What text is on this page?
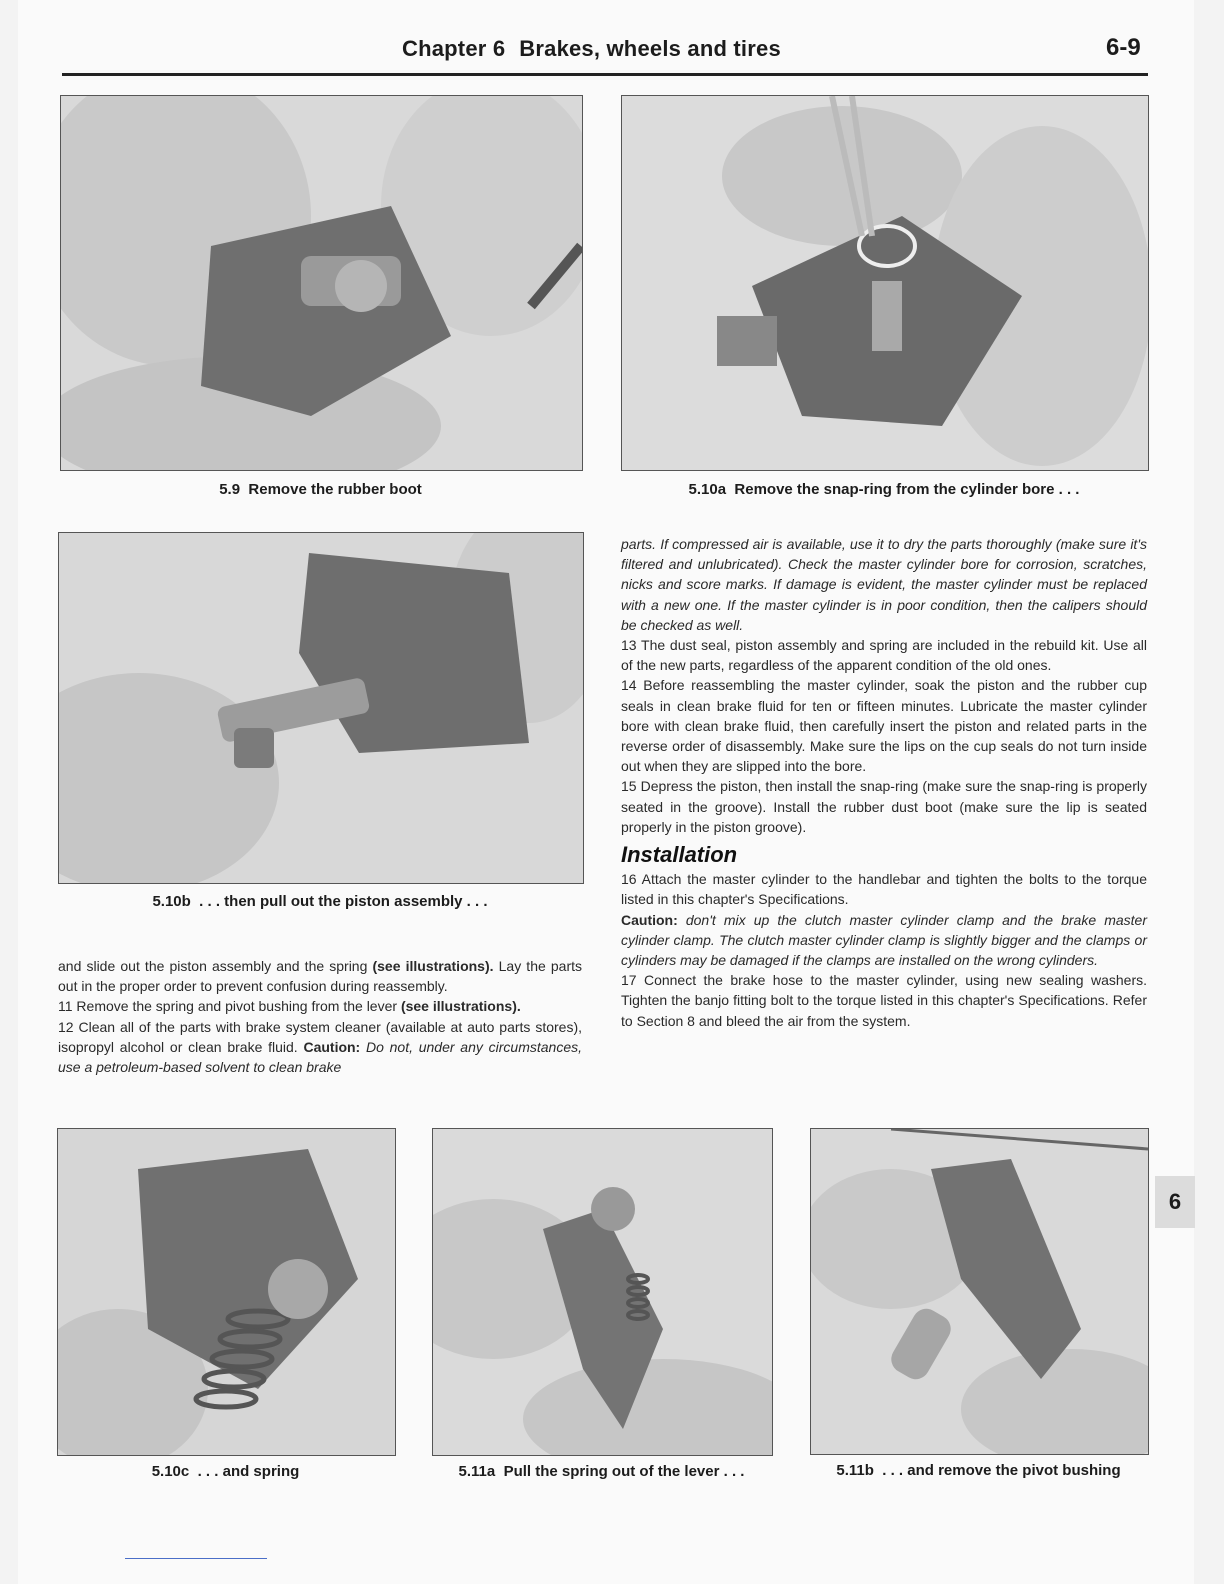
Chapter 6 Brakes, wheels and tires	6-9
5.9 Remove the rubber boot	5.10a Remove the snap-ring from the cylinder bore . . .
5.10b . . . then pull out the piston assembly . . .

and slide out the piston assembly and the spring (see illustrations). Lay the parts out in the proper order to prevent confusion during reassembly.

11 Remove the spring and pivot bushing from the lever (see illustrations).

12 Clean all of the parts with brake system cleaner (available at auto parts stores), isopropyl alcohol or clean brake fluid. Caution: Do not, under any circumstances, use a petroleum-based solvent to clean brake

parts. If compressed air is available, use it to dry the parts thoroughly (make sure it's filtered and unlubricated). Check the master cylinder bore for corrosion, scratches, nicks and score marks. If damage is evident, the master cylinder must be replaced with a new one. If the master cylinder is in poor condition, then the calipers should be checked as well.

13 The dust seal, piston assembly and spring are included in the rebuild kit. Use all of the new parts, regardless of the apparent condition of the old ones.

14 Before reassembling the master cylinder, soak the piston and the rubber cup seals in clean brake fluid for ten or fifteen minutes. Lubricate the master cylinder bore with clean brake fluid, then carefully insert the piston and related parts in the reverse order of disassembly. Make sure the lips on the cup seals do not turn inside out when they are slipped into the bore.

15 Depress the piston, then install the snap-ring (make sure the snap-ring is properly seated in the groove). Install the rubber dust boot (make sure the lip is seated properly in the piston groove).

Installation

16 Attach the master cylinder to the handlebar and tighten the bolts to the torque listed in this chapter's Specifications.

Caution: don't mix up the clutch master cylinder clamp and the brake master cylinder clamp. The clutch master cylinder clamp is slightly bigger and the clamps or cylinders may be damaged if the clamps are installed on the wrong cylinders.

17 Connect the brake hose to the master cylinder, using new sealing washers. Tighten the banjo fitting bolt to the torque listed in this chapter's Specifications. Refer to Section 8 and bleed the air from the system.

5.10c . . . and spring	5.11a Pull the spring out of the lever . . .	5.11b . . . and remove the pivot bushing
6
